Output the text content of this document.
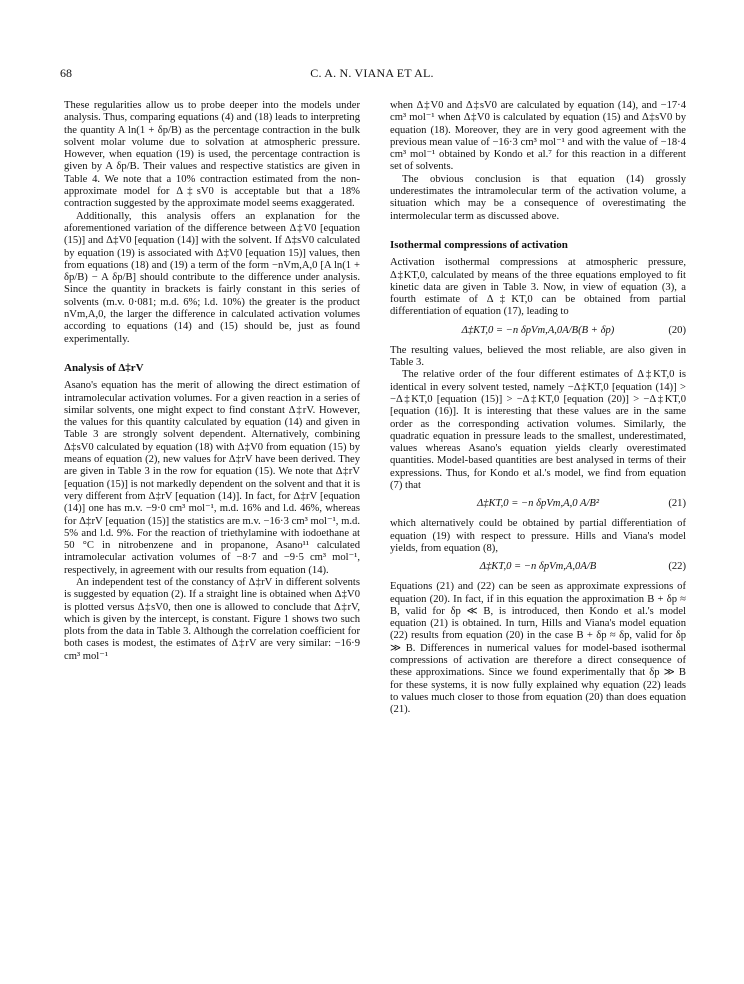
68	C. A. N. VIANA ET AL.

These regularities allow us to probe deeper into the models under analysis. Thus, comparing equations (4) and (18) leads to interpreting the quantity A ln(1 + δp/B) as the percentage contraction in the bulk solvent molar volume due to solvation at atmospheric pressure. However, when equation (19) is used, the percentage contraction is given by A δp/B. Their values and respective statistics are given in Table 4. We note that a 10% contraction estimated from the non-approximate model for Δ‡sV0 is acceptable but that a 18% contraction suggested by the approximate model seems exaggerated.

Additionally, this analysis offers an explanation for the aforementioned variation of the difference between Δ‡V0 [equation (15)] and Δ‡V0 [equation (14)] with the solvent. If Δ‡sV0 calculated by equation (19) is associated with Δ‡V0 [equation 15)] values, then from equations (18) and (19) a term of the form −nVm,A,0 [A ln(1 + δp/B) − A δp/B] should contribute to the difference under analysis. Since the quantity in brackets is fairly constant in this series of solvents (m.v. 0·081; m.d. 6%; l.d. 10%) the greater is the product nVm,A,0, the larger the difference in calculated activation volumes according to equations (14) and (15) should be, just as found experimentally.

Analysis of Δ‡rV

Asano's equation has the merit of allowing the direct estimation of intramolecular activation volumes. For a given reaction in a series of similar solvents, one might expect to find constant Δ‡rV. However, the values for this quantity calculated by equation (14) and given in Table 3 are strongly solvent dependent. Alternatively, combining Δ‡sV0 calculated by equation (18) with Δ‡V0 from equation (15) by means of equation (2), new values for Δ‡rV have been derived. They are given in Table 3 in the row for equation (15). We note that Δ‡rV [equation (15)] is not markedly dependent on the solvent and that it is very different from Δ‡rV [equation (14)]. In fact, for Δ‡rV [equation (14)] one has m.v. −9·0 cm³ mol⁻¹, m.d. 16% and l.d. 46%, whereas for Δ‡rV [equation (15)] the statistics are m.v. −16·3 cm³ mol⁻¹, m.d. 5% and l.d. 9%. For the reaction of triethylamine with iodoethane at 50 °C in nitrobenzene and in propanone, Asano¹¹ calculated intramolecular activation volumes of −8·7 and −9·5 cm³ mol⁻¹, respectively, in agreement with our results from equation (14).

An independent test of the constancy of Δ‡rV in different solvents is suggested by equation (2). If a straight line is obtained when Δ‡V0 is plotted versus Δ‡sV0, then one is allowed to conclude that Δ‡rV, which is given by the intercept, is constant. Figure 1 shows two such plots from the data in Table 3. Although the correlation coefficient for both cases is modest, the estimates of Δ‡rV are very similar: −16·9 cm³ mol⁻¹

when Δ‡V0 and Δ‡sV0 are calculated by equation (14), and −17·4 cm³ mol⁻¹ when Δ‡V0 is calculated by equation (15) and Δ‡sV0 by equation (18). Moreover, they are in very good agreement with the previous mean value of −16·3 cm³ mol⁻¹ and with the value of −18·4 cm³ mol⁻¹ obtained by Kondo et al.⁷ for this reaction in a different set of solvents.

The obvious conclusion is that equation (14) grossly underestimates the intramolecular term of the activation volume, a situation which may be a consequence of overestimating the intermolecular term as discussed above.

Isothermal compressions of activation

Activation isothermal compressions at atmospheric pressure, Δ‡KT,0, calculated by means of the three equations employed to fit kinetic data are given in Table 3. Now, in view of equation (3), a fourth estimate of Δ‡KT,0 can be obtained from partial differentiation of equation (17), leading to

Δ‡KT,0 = −n δpVm,A,0A/B(B + δp)	(20)

The resulting values, believed the most reliable, are also given in Table 3.

The relative order of the four different estimates of Δ‡KT,0 is identical in every solvent tested, namely −Δ‡KT,0 [equation (14)] > −Δ‡KT,0 [equation (15)] > −Δ‡KT,0 [equation (20)] > −Δ‡KT,0 [equation (16)]. It is interesting that these values are in the same order as the corresponding activation volumes. Similarly, the quadratic equation in pressure leads to the smallest, underestimated, values whereas Asano's equation yields clearly overestimated quantities. Model-based quantities are best analysed in terms of their expressions. Thus, for Kondo et al.'s model, we find from equation (7) that

Δ‡KT,0 = −n δpVm,A,0 A/B²	(21)

which alternatively could be obtained by partial differentiation of equation (19) with respect to pressure. Hills and Viana's model yields, from equation (8),

Δ‡KT,0 = −n δpVm,A,0A/B	(22)

Equations (21) and (22) can be seen as approximate expressions of equation (20). In fact, if in this equation the approximation B + δp ≈ B, valid for δp ≪ B, is introduced, then Kondo et al.'s model equation (21) is obtained. In turn, Hills and Viana's model equation (22) results from equation (20) in the case B + δp ≈ δp, valid for δp ≫ B. Differences in numerical values for model-based isothermal compressions of activation are therefore a direct consequence of these approximations. Since we found experimentally that δp ≫ B for these systems, it is now fully explained why equation (22) leads to values much closer to those from equation (20) than does equation (21).
